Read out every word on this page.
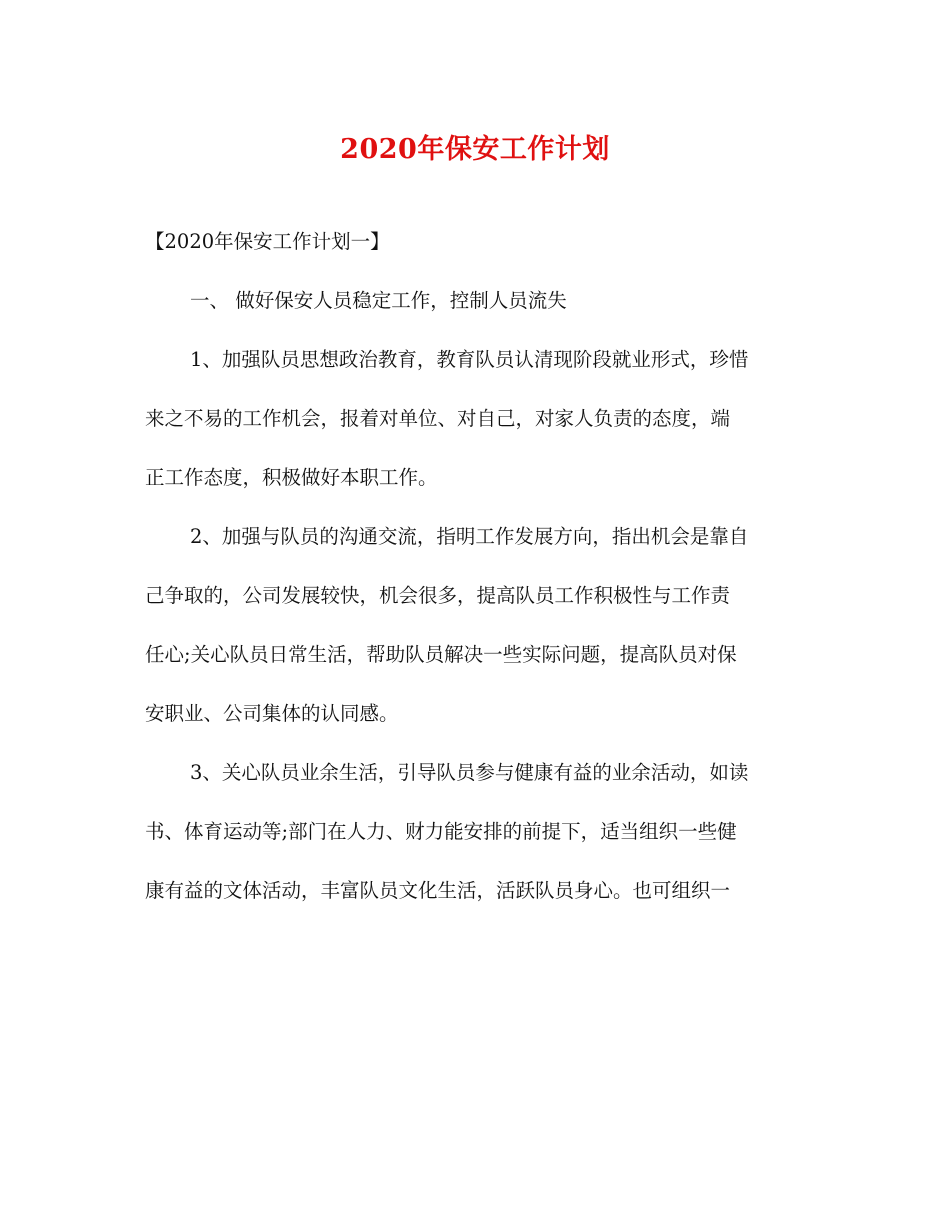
2020年保安工作计划

【2020年保安工作计划一】

一、 做好保安人员稳定工作，控制人员流失

1、加强队员思想政治教育，教育队员认清现阶段就业形式，珍惜

来之不易的工作机会，报着对单位、对自己，对家人负责的态度，端

正工作态度，积极做好本职工作。

2、加强与队员的沟通交流，指明工作发展方向，指出机会是靠自

己争取的，公司发展较快，机会很多，提高队员工作积极性与工作责

任心;关心队员日常生活，帮助队员解决一些实际问题，提高队员对保

安职业、公司集体的认同感。

3、关心队员业余生活，引导队员参与健康有益的业余活动，如读

书、体育运动等;部门在人力、财力能安排的前提下，适当组织一些健

康有益的文体活动，丰富队员文化生活，活跃队员身心。也可组织一
